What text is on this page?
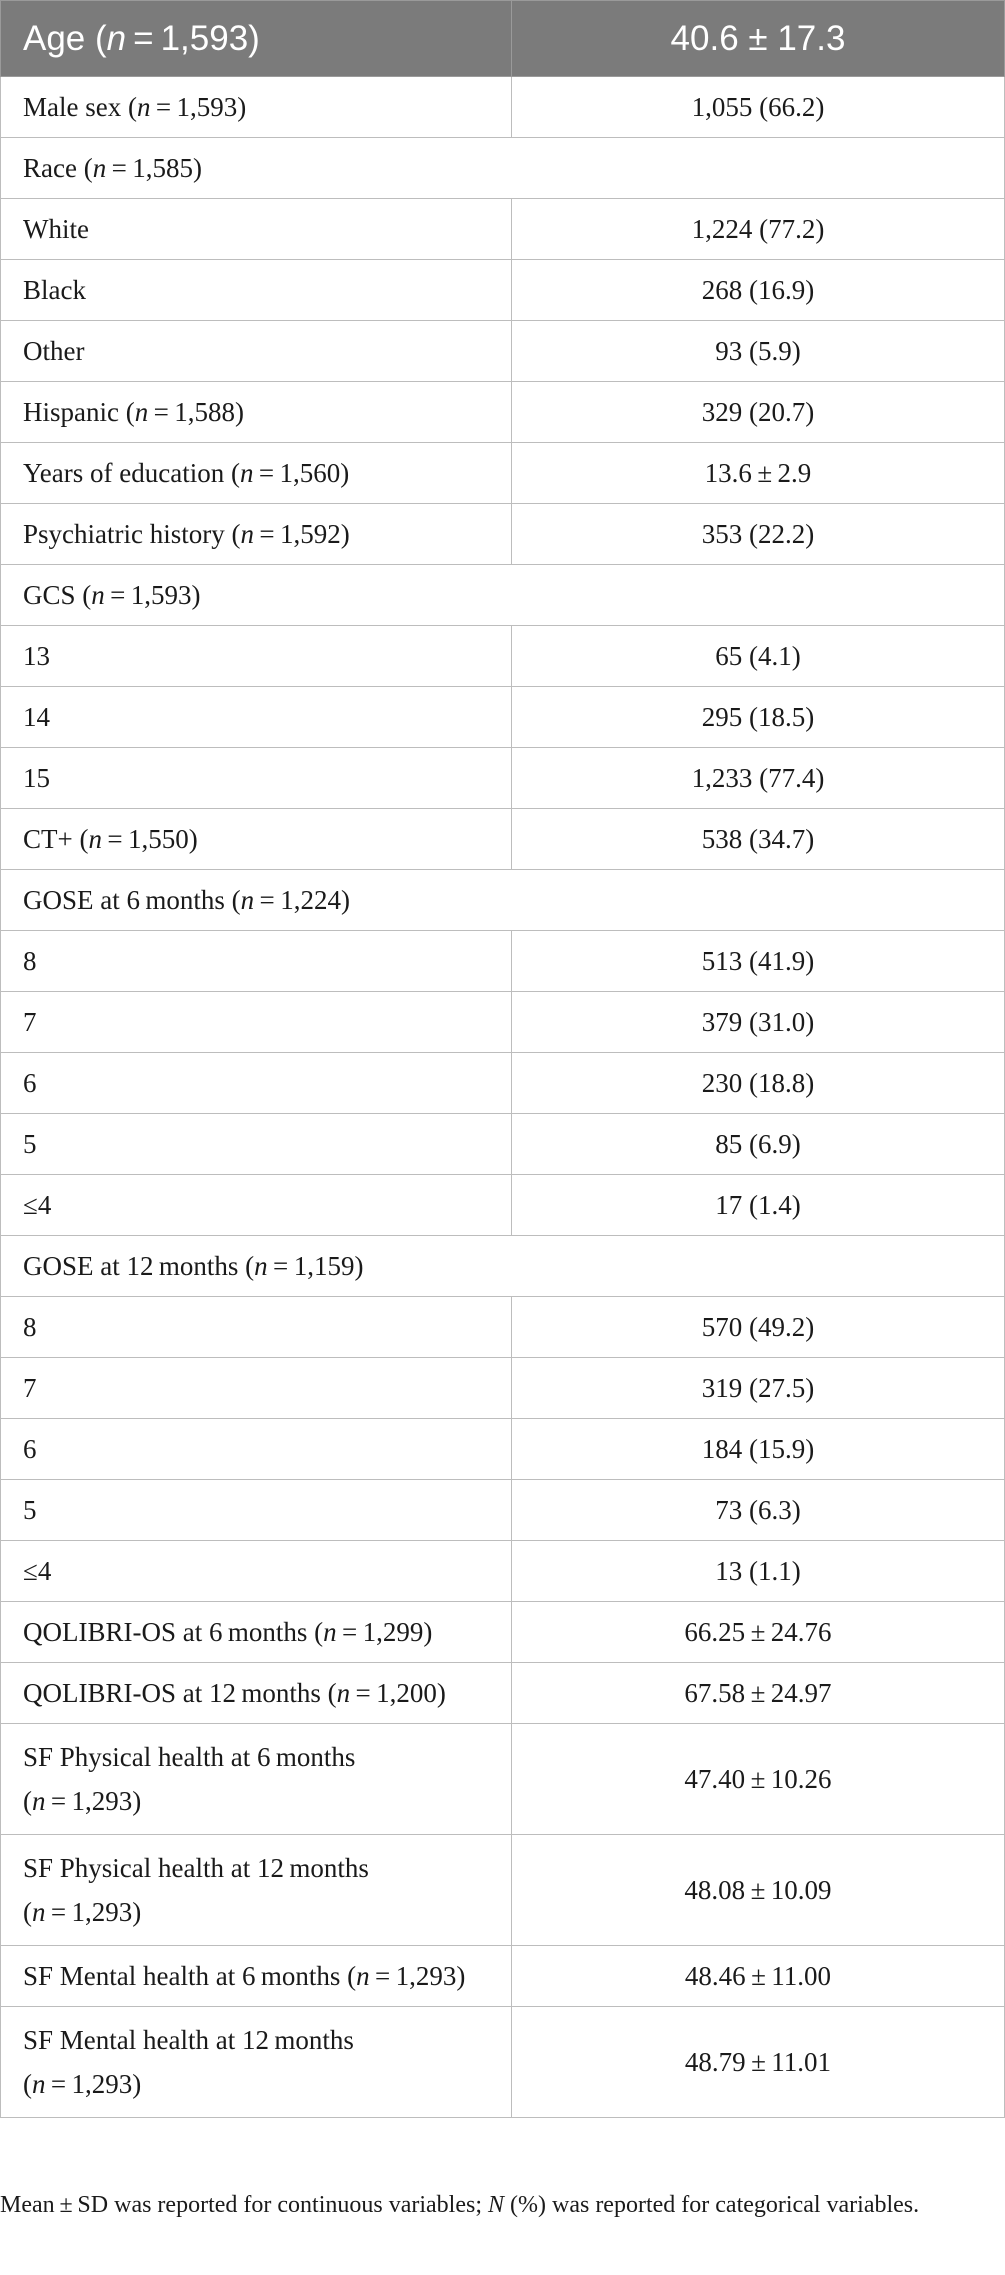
Age (n = 1,593)	40.6 ± 17.3
Male sex (n = 1,593)	1,055 (66.2)
Race (n = 1,585)	
White	1,224 (77.2)
Black	268 (16.9)
Other	93 (5.9)
Hispanic (n = 1,588)	329 (20.7)
Years of education (n = 1,560)	13.6 ± 2.9
Psychiatric history (n = 1,592)	353 (22.2)
GCS (n = 1,593)	
13	65 (4.1)
14	295 (18.5)
15	1,233 (77.4)
CT+ (n = 1,550)	538 (34.7)
GOSE at 6 months (n = 1,224)	
8	513 (41.9)
7	379 (31.0)
6	230 (18.8)
5	85 (6.9)
≤4	17 (1.4)
GOSE at 12 months (n = 1,159)	
8	570 (49.2)
7	319 (27.5)
6	184 (15.9)
5	73 (6.3)
≤4	13 (1.1)
QOLIBRI-OS at 6 months (n = 1,299)	66.25 ± 24.76
QOLIBRI-OS at 12 months (n = 1,200)	67.58 ± 24.97
SF Physical health at 6 months
(n = 1,293)	47.40 ± 10.26
SF Physical health at 12 months
(n = 1,293)	48.08 ± 10.09
SF Mental health at 6 months (n = 1,293)	48.46 ± 11.00
SF Mental health at 12 months
(n = 1,293)	48.79 ± 11.01
Mean ± SD was reported for continuous variables; N (%) was reported for categorical variables.
